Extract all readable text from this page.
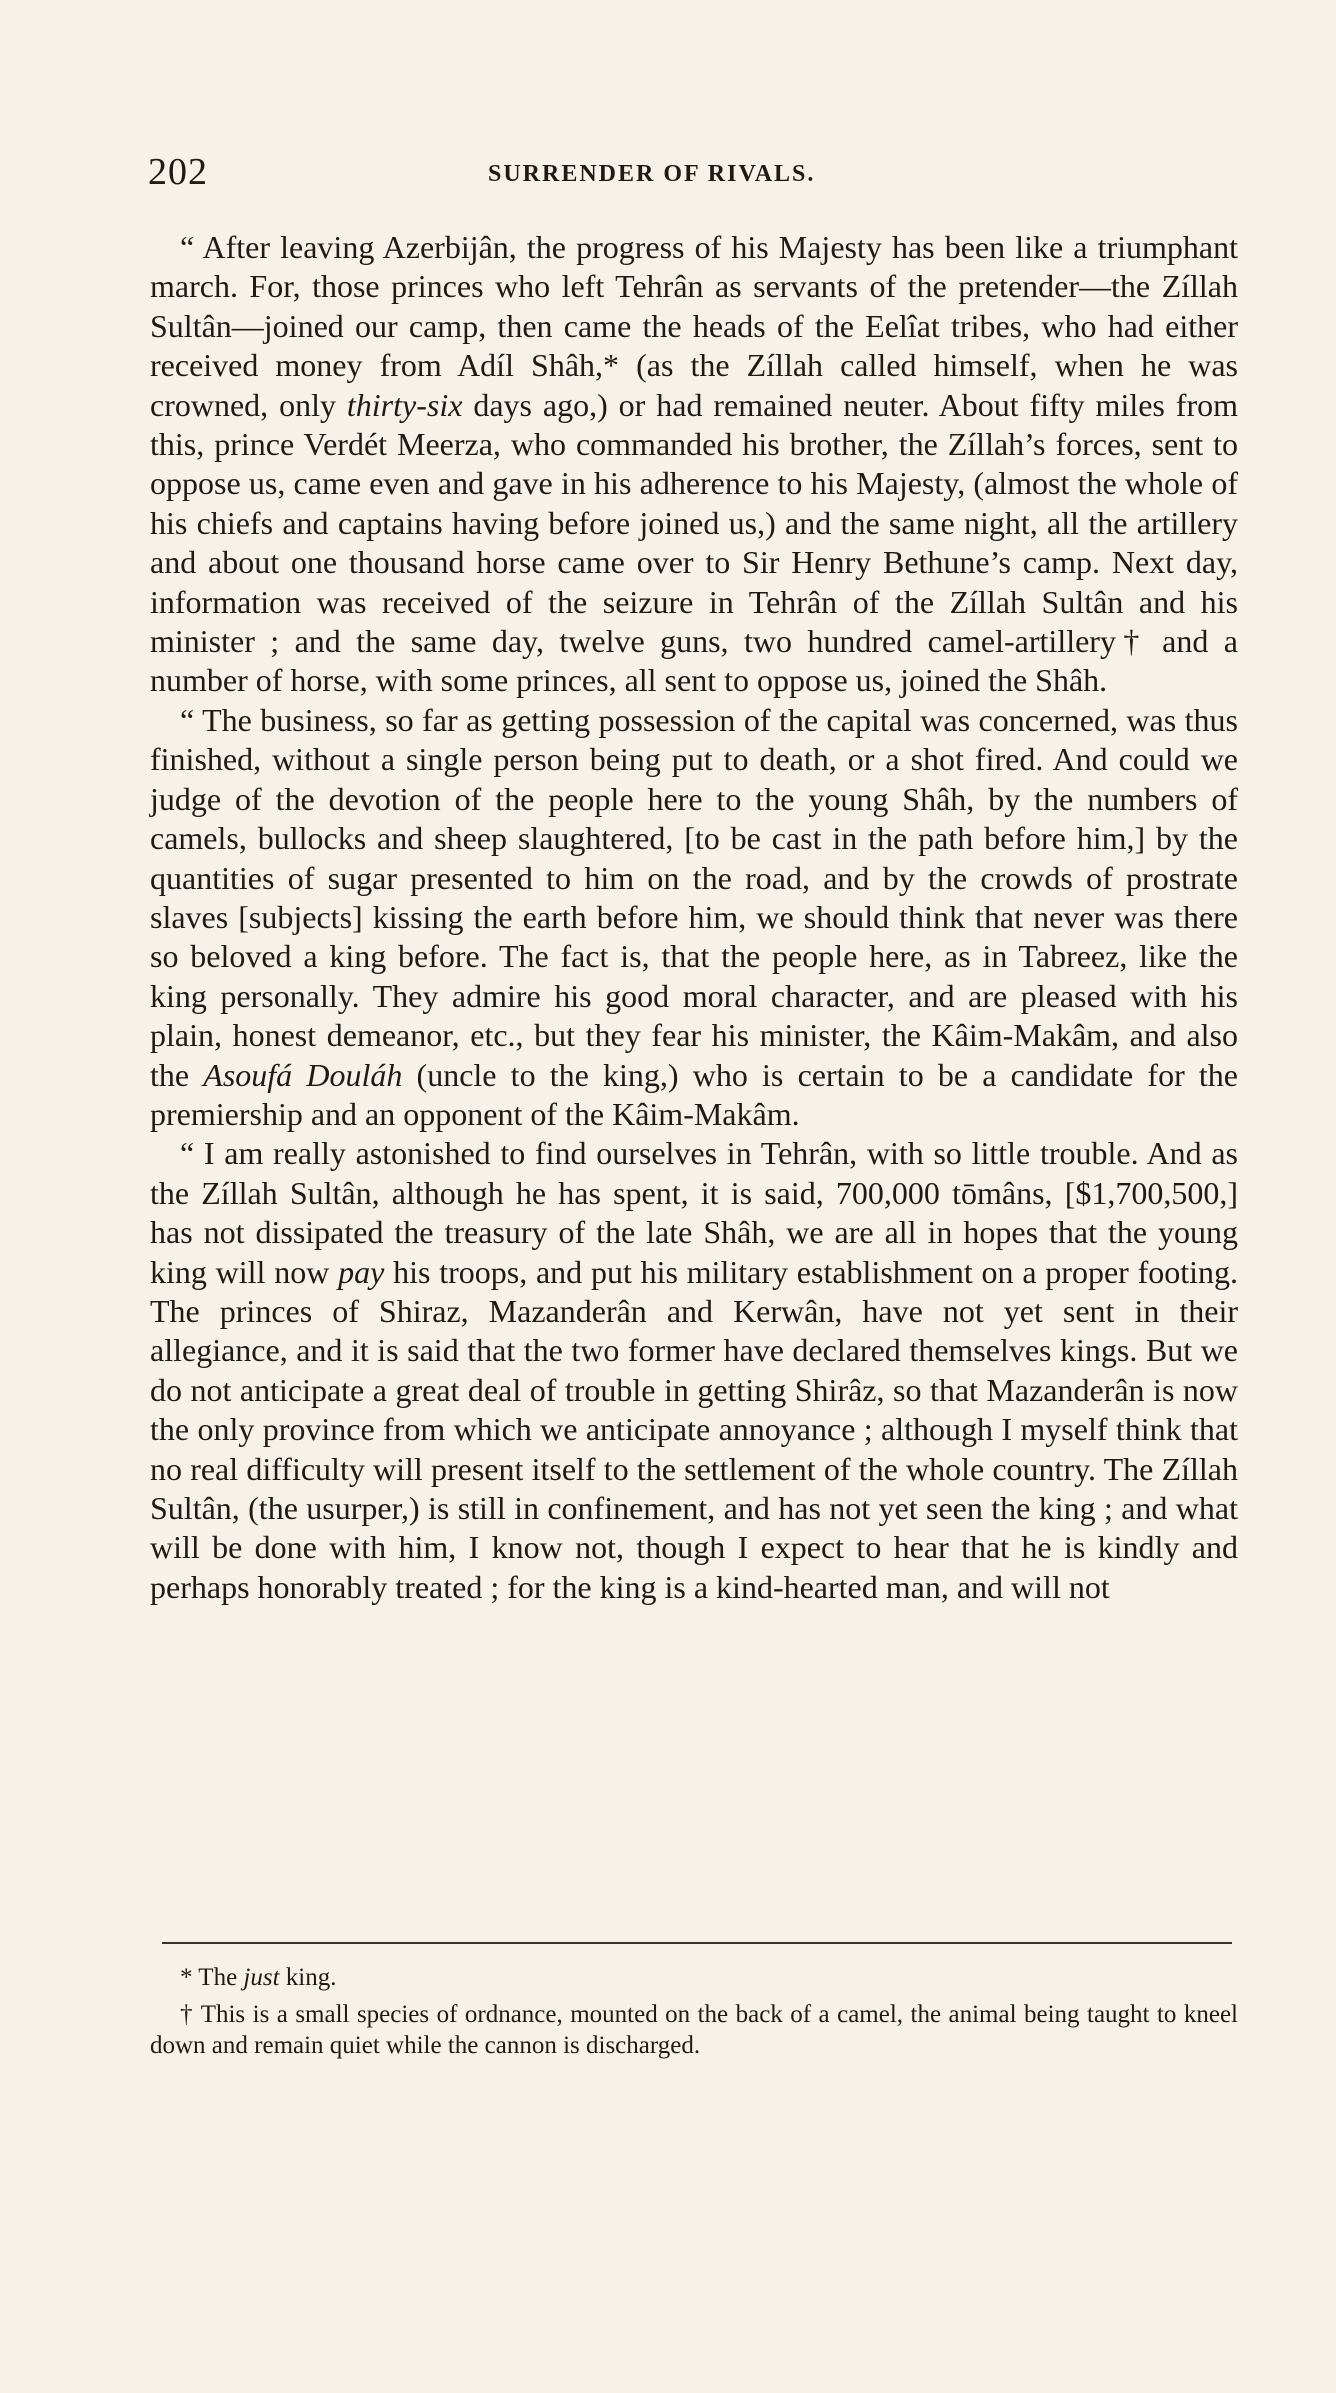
202	SURRENDER OF RIVALS.

“ After leaving Azerbijân, the progress of his Majesty has been like a triumphant march. For, those princes who left Tehrân as servants of the pretender—the Zíllah Sultân—joined our camp, then came the heads of the Eelîat tribes, who had either received money from Adíl Shâh,* (as the Zíllah called himself, when he was crowned, only thirty-six days ago,) or had remained neuter. About fifty miles from this, prince Verdét Meerza, who commanded his brother, the Zíllah’s forces, sent to oppose us, came even and gave in his adherence to his Majesty, (almost the whole of his chiefs and captains having before joined us,) and the same night, all the artillery and about one thousand horse came over to Sir Henry Bethune’s camp. Next day, information was received of the seizure in Tehrân of the Zíllah Sultân and his minister ; and the same day, twelve guns, two hundred camel-artillery† and a number of horse, with some princes, all sent to oppose us, joined the Shâh.

“ The business, so far as getting possession of the capital was concerned, was thus finished, without a single person being put to death, or a shot fired. And could we judge of the devotion of the people here to the young Shâh, by the numbers of camels, bullocks and sheep slaughtered, [to be cast in the path before him,] by the quantities of sugar presented to him on the road, and by the crowds of prostrate slaves [subjects] kissing the earth before him, we should think that never was there so beloved a king before. The fact is, that the people here, as in Tabreez, like the king personally. They admire his good moral character, and are pleased with his plain, honest demeanor, etc., but they fear his minister, the Kâim-Makâm, and also the Asoufá Douláh (uncle to the king,) who is certain to be a candidate for the premiership and an opponent of the Kâim-Makâm.

“ I am really astonished to find ourselves in Tehrân, with so little trouble. And as the Zíllah Sultân, although he has spent, it is said, 700,000 tōmâns, [$1,700,500,] has not dissipated the treasury of the late Shâh, we are all in hopes that the young king will now pay his troops, and put his military establishment on a proper footing. The princes of Shiraz, Mazanderân and Kerwân, have not yet sent in their allegiance, and it is said that the two former have declared themselves kings. But we do not anticipate a great deal of trouble in getting Shirâz, so that Mazanderân is now the only province from which we anticipate annoyance ; although I myself think that no real difficulty will present itself to the settlement of the whole country. The Zíllah Sultân, (the usurper,) is still in confinement, and has not yet seen the king ; and what will be done with him, I know not, though I expect to hear that he is kindly and perhaps honorably treated ; for the king is a kind-hearted man, and will not

* The just king.

† This is a small species of ordnance, mounted on the back of a camel, the animal being taught to kneel down and remain quiet while the cannon is discharged.
